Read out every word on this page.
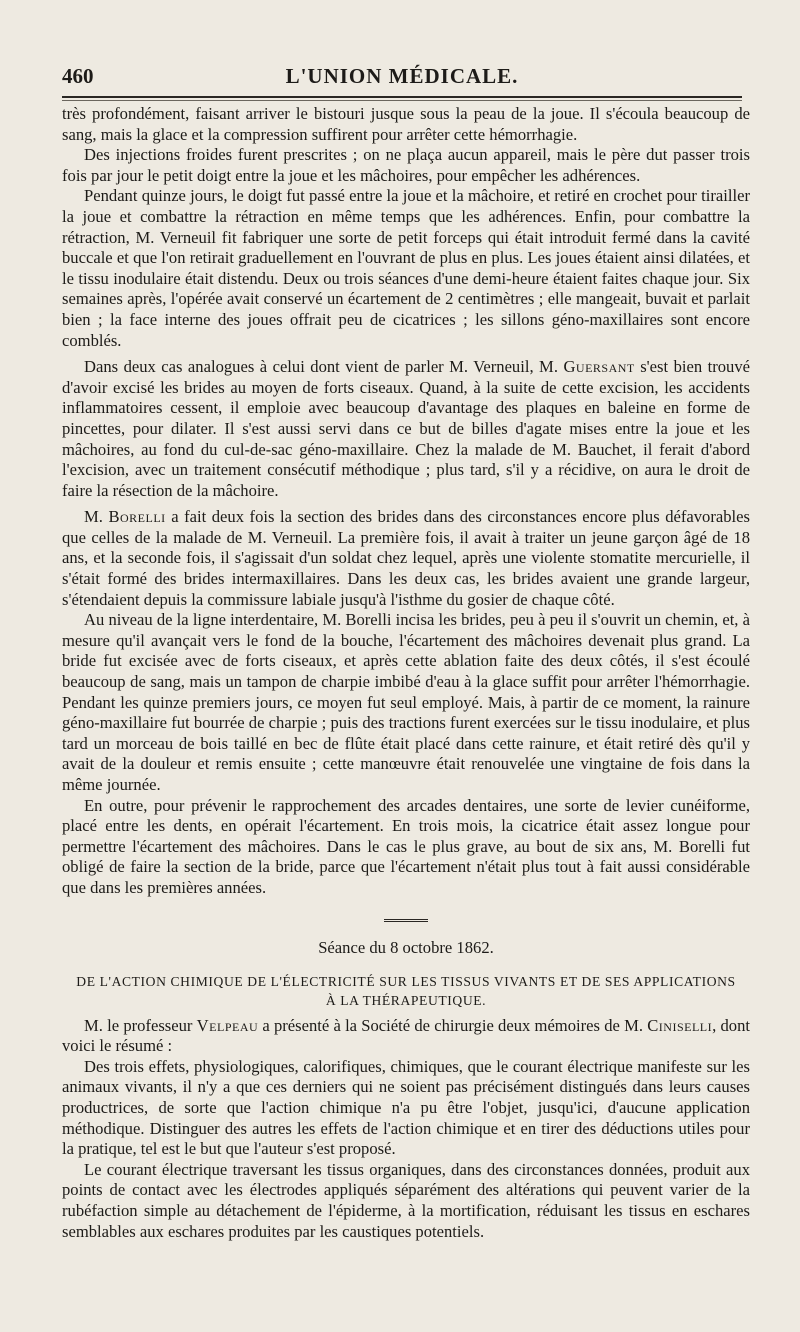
460	L'UNION MÉDICALE.

très profondément, faisant arriver le bistouri jusque sous la peau de la joue. Il s'écoula beaucoup de sang, mais la glace et la compression suffirent pour arrêter cette hémorrhagie.

Des injections froides furent prescrites ; on ne plaça aucun appareil, mais le père dut passer trois fois par jour le petit doigt entre la joue et les mâchoires, pour empêcher les adhérences.

Pendant quinze jours, le doigt fut passé entre la joue et la mâchoire, et retiré en crochet pour tirailler la joue et combattre la rétraction en même temps que les adhérences. Enfin, pour combattre la rétraction, M. Verneuil fit fabriquer une sorte de petit forceps qui était introduit fermé dans la cavité buccale et que l'on retirait graduellement en l'ouvrant de plus en plus. Les joues étaient ainsi dilatées, et le tissu inodulaire était distendu. Deux ou trois séances d'une demi-heure étaient faites chaque jour. Six semaines après, l'opérée avait conservé un écartement de 2 centimètres ; elle mangeait, buvait et parlait bien ; la face interne des joues offrait peu de cicatrices ; les sillons géno-maxillaires sont encore comblés.

Dans deux cas analogues à celui dont vient de parler M. Verneuil, M. Guersant s'est bien trouvé d'avoir excisé les brides au moyen de forts ciseaux. Quand, à la suite de cette excision, les accidents inflammatoires cessent, il emploie avec beaucoup d'avantage des plaques en baleine en forme de pincettes, pour dilater. Il s'est aussi servi dans ce but de billes d'agate mises entre la joue et les mâchoires, au fond du cul-de-sac géno-maxillaire. Chez la malade de M. Bauchet, il ferait d'abord l'excision, avec un traitement consécutif méthodique ; plus tard, s'il y a récidive, on aura le droit de faire la résection de la mâchoire.

M. Borelli a fait deux fois la section des brides dans des circonstances encore plus défavorables que celles de la malade de M. Verneuil. La première fois, il avait à traiter un jeune garçon âgé de 18 ans, et la seconde fois, il s'agissait d'un soldat chez lequel, après une violente stomatite mercurielle, il s'était formé des brides intermaxillaires. Dans les deux cas, les brides avaient une grande largeur, s'étendaient depuis la commissure labiale jusqu'à l'isthme du gosier de chaque côté.

Au niveau de la ligne interdentaire, M. Borelli incisa les brides, peu à peu il s'ouvrit un chemin, et, à mesure qu'il avançait vers le fond de la bouche, l'écartement des mâchoires devenait plus grand. La bride fut excisée avec de forts ciseaux, et après cette ablation faite des deux côtés, il s'est écoulé beaucoup de sang, mais un tampon de charpie imbibé d'eau à la glace suffit pour arrêter l'hémorrhagie. Pendant les quinze premiers jours, ce moyen fut seul employé. Mais, à partir de ce moment, la rainure géno-maxillaire fut bourrée de charpie ; puis des tractions furent exercées sur le tissu inodulaire, et plus tard un morceau de bois taillé en bec de flûte était placé dans cette rainure, et était retiré dès qu'il y avait de la douleur et remis ensuite ; cette manœuvre était renouvelée une vingtaine de fois dans la même journée.

En outre, pour prévenir le rapprochement des arcades dentaires, une sorte de levier cunéiforme, placé entre les dents, en opérait l'écartement. En trois mois, la cicatrice était assez longue pour permettre l'écartement des mâchoires. Dans le cas le plus grave, au bout de six ans, M. Borelli fut obligé de faire la section de la bride, parce que l'écartement n'était plus tout à fait aussi considérable que dans les premières années.

Séance du 8 octobre 1862.
DE L'ACTION CHIMIQUE DE L'ÉLECTRICITÉ SUR LES TISSUS VIVANTS ET DE SES APPLICATIONS
À LA THÉRAPEUTIQUE.

M. le professeur Velpeau a présenté à la Société de chirurgie deux mémoires de M. Ciniselli, dont voici le résumé :

Des trois effets, physiologiques, calorifiques, chimiques, que le courant électrique manifeste sur les animaux vivants, il n'y a que ces derniers qui ne soient pas précisément distingués dans leurs causes productrices, de sorte que l'action chimique n'a pu être l'objet, jusqu'ici, d'aucune application méthodique. Distinguer des autres les effets de l'action chimique et en tirer des déductions utiles pour la pratique, tel est le but que l'auteur s'est proposé.

Le courant électrique traversant les tissus organiques, dans des circonstances données, produit aux points de contact avec les électrodes appliqués séparément des altérations qui peuvent varier de la rubéfaction simple au détachement de l'épiderme, à la mortification, réduisant les tissus en eschares semblables aux eschares produites par les caustiques potentiels.
